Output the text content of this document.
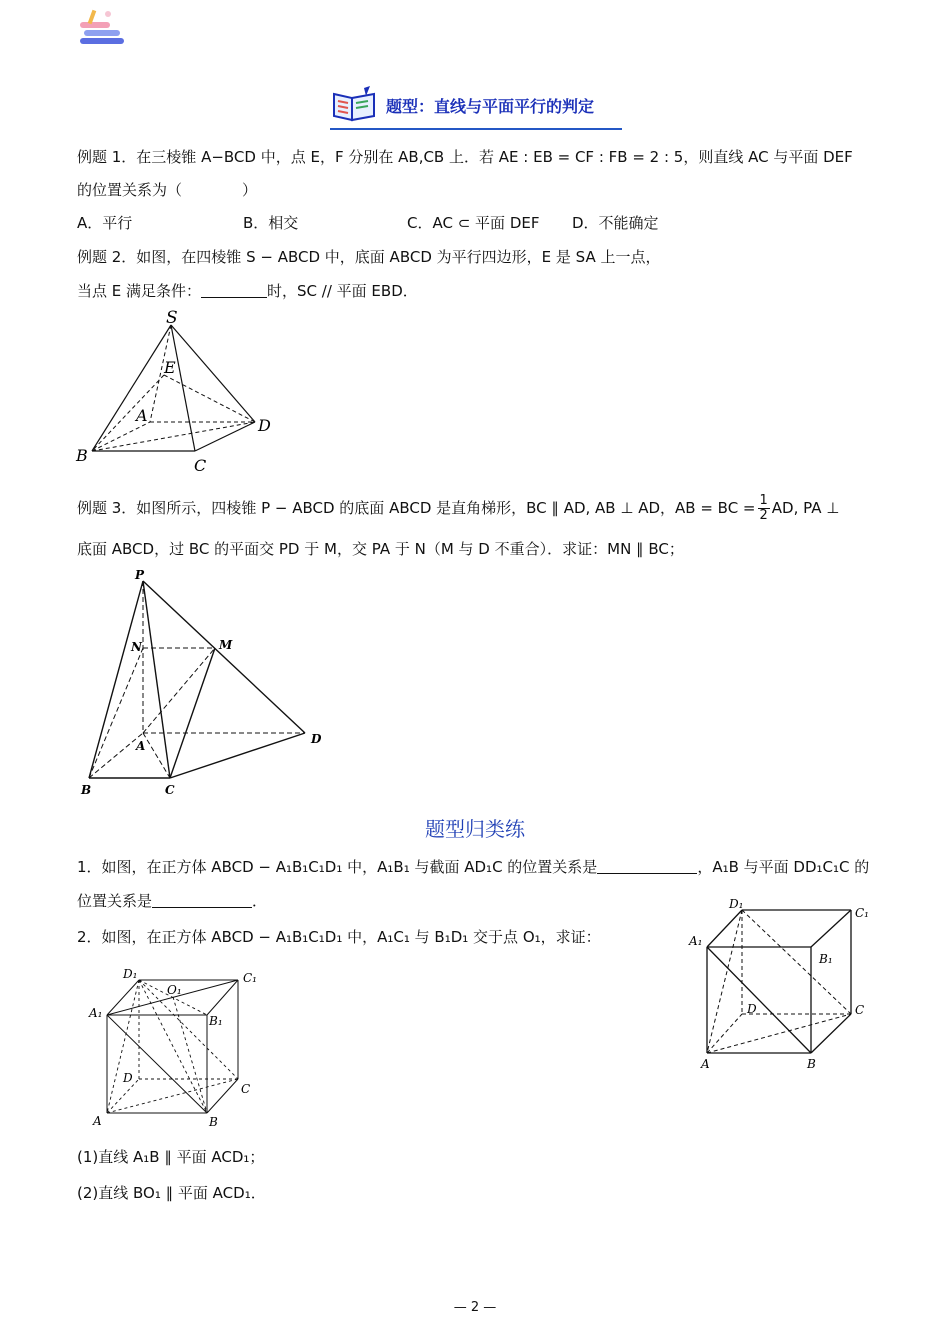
题型：直线与平面平行的判定
例题 1．在三棱锥 A−BCD 中，点 E，F 分别在 AB,CB 上．若 AE : EB = CF : FB = 2 : 5，则直线 AC 与平面 DEF
的位置关系为（　　　　）
A．平行	B．相交	C．AC ⊂ 平面 DEF D．不能确定
例题 2．如图，在四棱锥 S − ABCD 中，底面 ABCD 为平行四边形，E 是 SA 上一点，
当点 E 满足条件：	时，SC // 平面 EBD．
S
E
A
B
C
D
例题 3．如图所示，四棱锥 P − ABCD 的底面 ABCD 是直角梯形，BC ∥ AD, AB ⊥ AD，AB = BC = $\frac{1}{2}$ AD, PA ⊥
底面 ABCD，过 BC 的平面交 PD 于 M，交 PA 于 N（M 与 D 不重合）．求证：MN ∥ BC；
P
N	M
A
B	C
D
题型归类练
1．如图，在正方体 ABCD − A₁B₁C₁D₁ 中，A₁B₁ 与截面 AD₁C 的位置关系是	，A₁B 与平面 DD₁C₁C 的
位置关系是	．	D₁
C₁
A₁
B₁
D	C
A	B
2．如图，在正方体 ABCD − A₁B₁C₁D₁ 中，A₁C₁ 与 B₁D₁ 交于点 O₁，求证：
D₁
O₁
C₁
A₁
B₁
D
C
A	B
(1)直线 A₁B ∥ 平面 ACD₁；
(2)直线 BO₁ ∥ 平面 ACD₁．
— 2 —
